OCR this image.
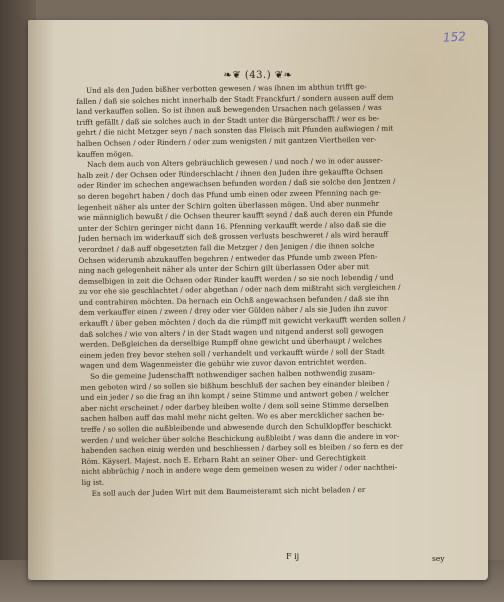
152
❧❦ (43.) ❦❧
Und als den Juden bißher verbotten gewesen / was ihnen im abthun trifft ge-
fallen / daß sie solches nicht innerhalb der Stadt Franckfurt / sondern aussen auff dem
land verkauffen sollen. So ist ihnen auß bewegenden Ursachen nach gelassen / was
trifft gefällt / daß sie solches auch in der Stadt unter die Bürgerschafft / wer es be-
gehrt / die nicht Metzger seyn / nach sonsten das Fleisch mit Pfunden außwiegen / mit
halben Ochsen / oder Rindern / oder zum wenigsten / mit gantzen Viertheilen ver-
kauffen mögen.
Nach dem auch von Alters gebräuchlich gewesen / und noch / wo in oder ausser-
halb zeit / der Ochsen oder Rinderschlacht / ihnen den Juden ihre gekauffte Ochsen
oder Rinder im schechen angewachsen befunden worden / daß sie solche den Jentzen /
so deren begehrt haben / doch das Pfund umb einen oder zween Pfenning nach ge-
legenheit näher als unter der Schirn golten überlassen mögen. Und aber nunmehr
wie männiglich bewußt / die Ochsen theurer kaufft seynd / daß auch deren ein Pfunde
unter der Schirn geringer nicht dann 16. Pfenning verkaufft werde / also daß sie die
Juden hernach im widerkauff sich deß grossen verlusts beschweret / als wird herauff
verordnet / daß auff obgesetzten fall die Metzger / den Jenigen / die ihnen solche
Ochsen widerumb abzukauffen begehren / entweder das Pfunde umb zween Pfen-
ning nach gelegenheit näher als unter der Schirn gilt überlassen Oder aber mit
demselbigen in zeit die Ochsen oder Rinder kaufft werden / so sie noch lebendig / und
zu vor ehe sie geschlachtet / oder abgethan / oder nach dem mißtraht sich vergleichen /
und contrahiren möchten. Da hernach ein Ochß angewachsen befunden / daß sie ihn
dem verkauffer einen / zween / drey oder vier Gülden näher / als sie Juden ihn zuvor
erkaufft / über geben möchten / doch da die rümpff mit gewicht verkaufft werden sollen /
daß solches / wie von alters / in der Stadt wagen und nitgend anderst soll gewogen
werden. Deßgleichen da derselbige Rumpff ohne gewicht und überhaupt / welches
einem jeden frey bevor stehen soll / verhandelt und verkaufft würde / soll der Stadt
wagen und dem Wagenmeister die gebühr wie zuvor davon entrichtet werden.
So die gemeine Judenschafft nothwendiger sachen halben nothwendig zusam-
men geboten wird / so sollen sie bißhum beschluß der sachen bey einander bleiben /
und ein jeder / so die frag an ihn kompt / seine Stimme und antwort geben / welcher
aber nicht erscheinet / oder darbey bleiben wolte / dem soll seine Stimme derselben
sachen halben auff das mahl mehr nicht gelten. Wo es aber mercklicher sachen be-
treffe / so sollen die außbleibende und abwesende durch den Schulklopffer beschickt
werden / und welcher über solche Beschickung außbleibt / was dann die andere in vor-
habenden sachen einig werden und beschliessen / darbey soll es bleiben / so fern es der
Röm. Käyserl. Majest. noch E. Erbarn Raht an seiner Ober- und Gerechtigkeit
nicht abbrüchig / noch in andere wege dem gemeinen wesen zu wider / oder nachthei-
lig ist.
Es soll auch der Juden Wirt mit dem Baumeisteramt sich nicht beladen / er
F ij	sey
